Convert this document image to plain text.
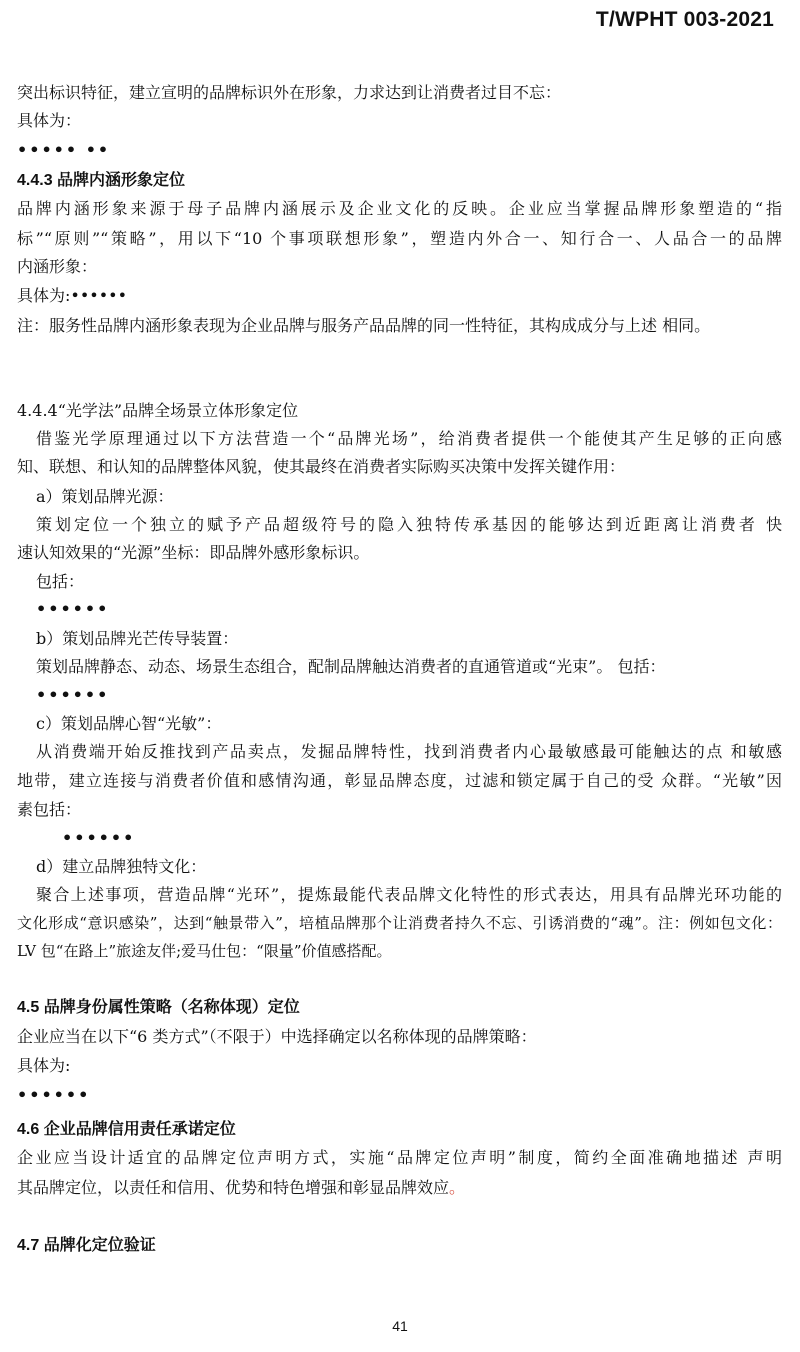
T/WPHT 003-2021
突出标识特征，建立宣明的品牌标识外在形象，力求达到让消费者过目不忘：
具体为：
••••• ••
4.4.3 品牌内涵形象定位
品牌内涵形象来源于母子品牌内涵展示及企业文化的反映。企业应当掌握品牌形象塑造的“指
标”“原则”“策略”，用以下“10 个事项联想形象”，塑造内外合一、知行合一、人品合一的品牌
内涵形象：
具体为:••••••
注：服务性品牌内涵形象表现为企业品牌与服务产品品牌的同一性特征，其构成成分与上述 相同。
4.4.4“光学法”品牌全场景立体形象定位
借鉴光学原理通过以下方法营造一个“品牌光场”，给消费者提供一个能使其产生足够的正向感
知、联想、和认知的品牌整体风貌，使其最终在消费者实际购买决策中发挥关键作用：
a）策划品牌光源：
策划定位一个独立的赋予产品超级符号的隐入独特传承基因的能够达到近距离让消费者 快
速认知效果的“光源”坐标：即品牌外感形象标识。
包括：
••••••
b）策划品牌光芒传导装置：
策划品牌静态、动态、场景生态组合，配制品牌触达消费者的直通管道或“光束”。 包括：
••••••
c）策划品牌心智“光敏”：
从消费端开始反推找到产品卖点，发掘品牌特性，找到消费者内心最敏感最可能触达的点 和敏感
地带，建立连接与消费者价值和感情沟通，彰显品牌态度，过滤和锁定属于自己的受 众群。“光敏”因
素包括：
••••••
d）建立品牌独特文化：
聚合上述事项，营造品牌“光环”，提炼最能代表品牌文化特性的形式表达，用具有品牌光环功能的
文化形成“意识感染”，达到“触景带入”，培植品牌那个让消费者持久不忘、引诱消费的“魂”。注：例如包文化：
LV 包“在路上”旅途友伴;爱马仕包：“限量”价值感搭配。
4.5 品牌身份属性策略（名称体现）定位
企业应当在以下“6 类方式”（不限于）中选择确定以名称体现的品牌策略：
具体为:
••••••
4.6 企业品牌信用责任承诺定位
企业应当设计适宜的品牌定位声明方式，实施“品牌定位声明”制度，简约全面准确地描述 声明
其品牌定位，以责任和信用、优势和特色增强和彰显品牌效应。
4.7 品牌化定位验证
41
